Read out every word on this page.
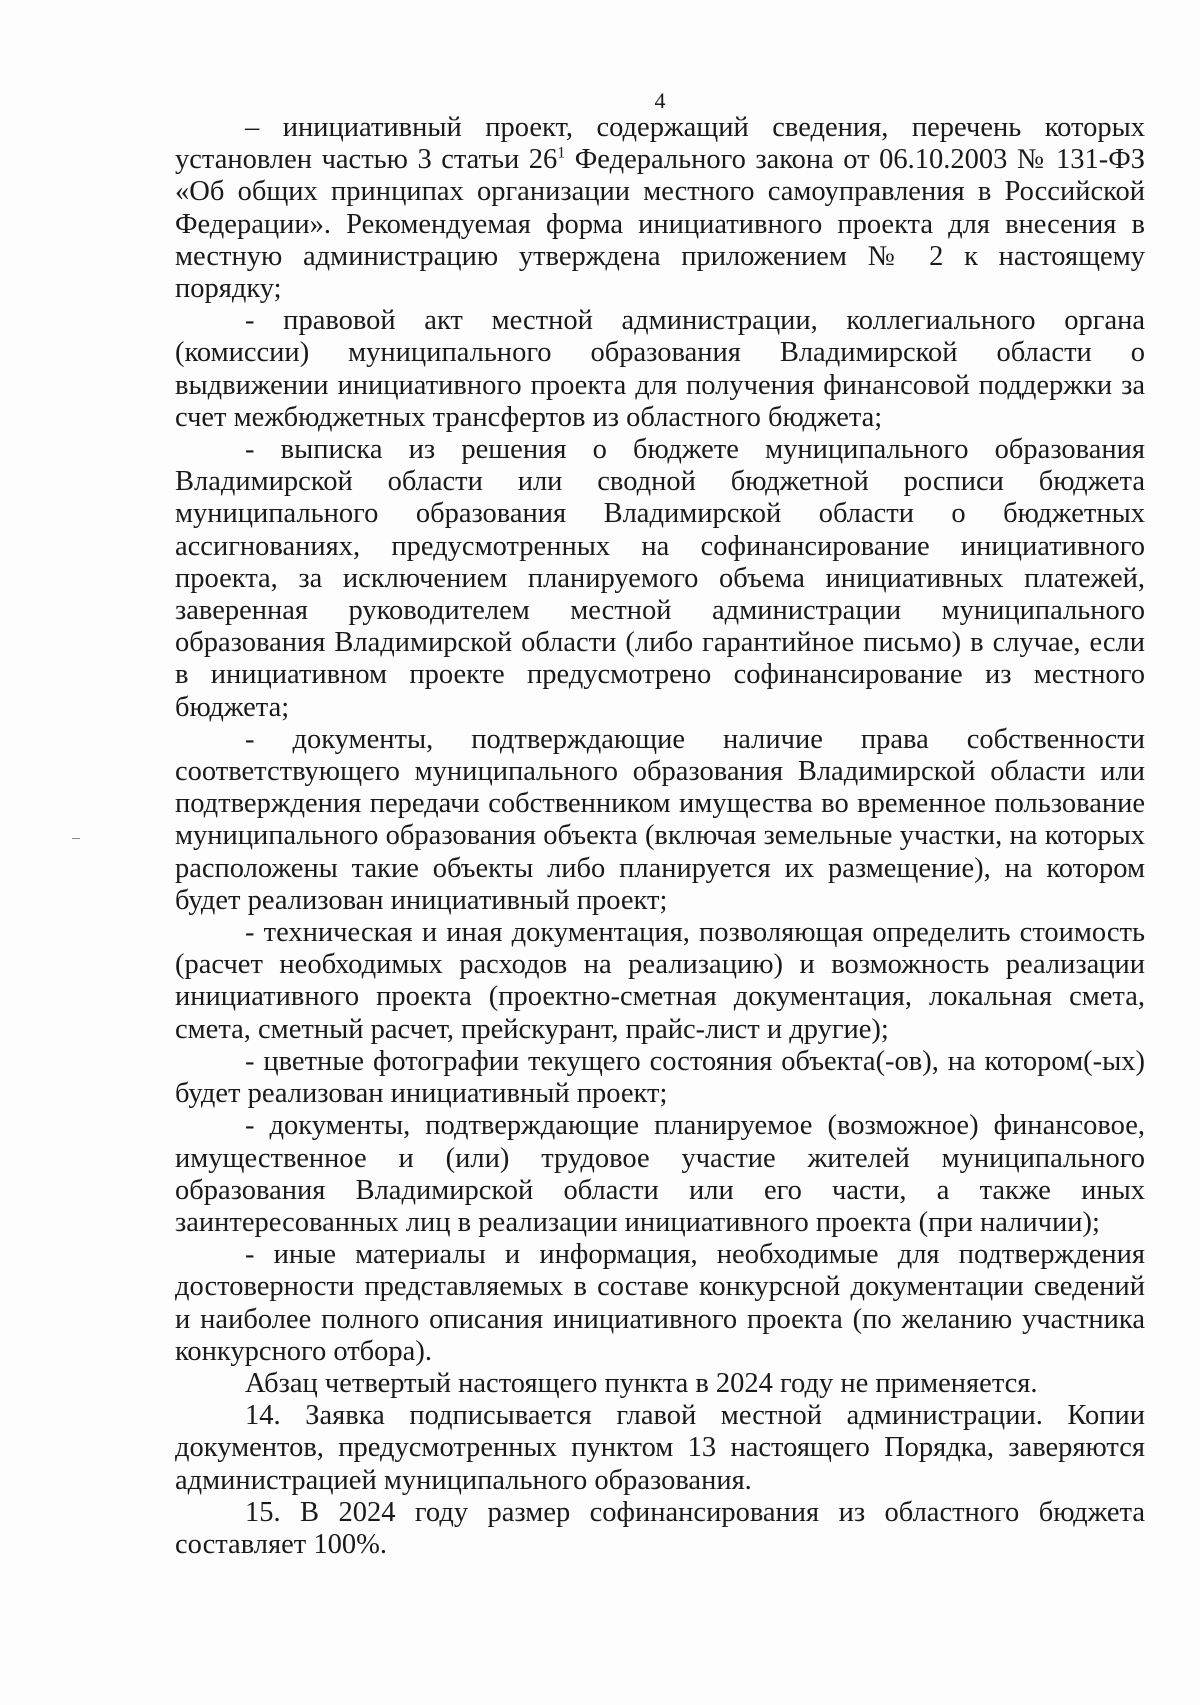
4

– инициативный проект, содержащий сведения, перечень которых установлен частью 3 статьи $26^1$ Федерального закона от 06.10.2003 № 131-ФЗ «Об общих принципах организации местного самоуправления в Российской Федерации». Рекомендуемая форма инициативного проекта для внесения в местную администрацию утверждена приложением № 2 к настоящему порядку;

- правовой акт местной администрации, коллегиального органа (комиссии) муниципального образования Владимирской области о выдвижении инициативного проекта для получения финансовой поддержки за счет межбюджетных трансфертов из областного бюджета;

- выписка из решения о бюджете муниципального образования Владимирской области или сводной бюджетной росписи бюджета муниципального образования Владимирской области о бюджетных ассигнованиях, предусмотренных на софинансирование инициативного проекта, за исключением планируемого объема инициативных платежей, заверенная руководителем местной администрации муниципального образования Владимирской области (либо гарантийное письмо) в случае, если в инициативном проекте предусмотрено софинансирование из местного бюджета;

- документы, подтверждающие наличие права собственности соответствующего муниципального образования Владимирской области или подтверждения передачи собственником имущества во временное пользование муниципального образования объекта (включая земельные участки, на которых расположены такие объекты либо планируется их размещение), на котором будет реализован инициативный проект;

- техническая и иная документация, позволяющая определить стоимость (расчет необходимых расходов на реализацию) и возможность реализации инициативного проекта (проектно-сметная документация, локальная смета, смета, сметный расчет, прейскурант, прайс-лист и другие);

- цветные фотографии текущего состояния объекта(-ов), на котором(-ых) будет реализован инициативный проект;

- документы, подтверждающие планируемое (возможное) финансовое, имущественное и (или) трудовое участие жителей муниципального образования Владимирской области или его части, а также иных заинтересованных лиц в реализации инициативного проекта (при наличии);

- иные материалы и информация, необходимые для подтверждения достоверности представляемых в составе конкурсной документации сведений и наиболее полного описания инициативного проекта (по желанию участника конкурсного отбора).

Абзац четвертый настоящего пункта в 2024 году не применяется.

14. Заявка подписывается главой местной администрации. Копии документов, предусмотренных пунктом 13 настоящего Порядка, заверяются администрацией муниципального образования.

15. В 2024 году размер софинансирования из областного бюджета составляет 100%.
